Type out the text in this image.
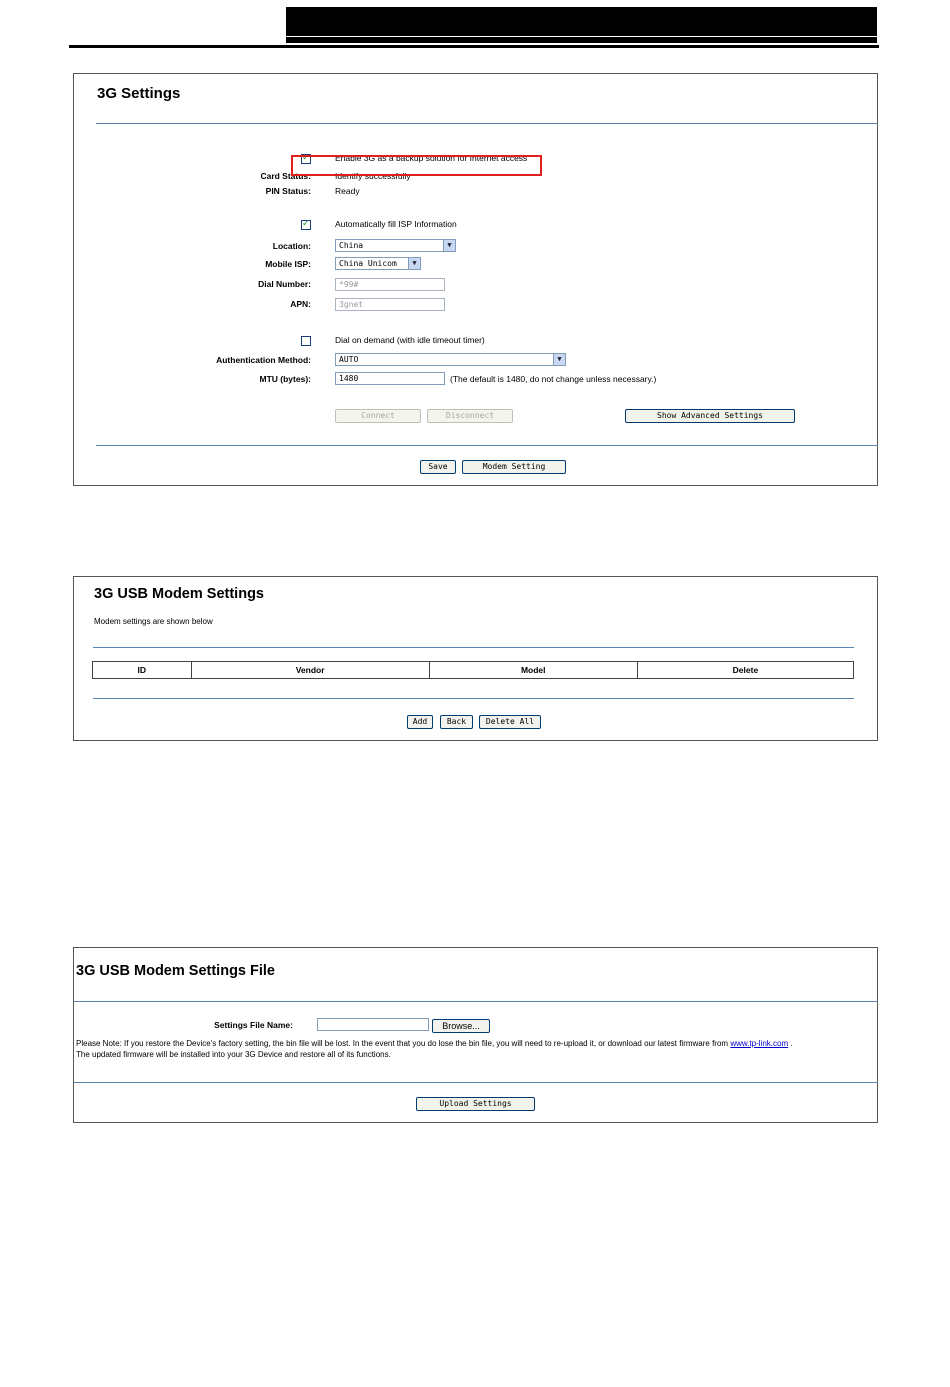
3G Settings
✓
Enable 3G as a backup solution for Internet access
Card Status:	Identify successfully
PIN Status:	Ready
✓
Automatically fill ISP Information
Location:	China	▼
Mobile ISP:	China Unicom	▼
Dial Number:	*99#
APN:	3gnet
Dial on demand (with idle timeout timer)
Authentication Method:	AUTO	▼
MTU (bytes):	1480	(The default is 1480, do not change unless necessary.)
Connect	Disconnect	Show Advanced Settings
Save	Modem Setting
3G USB Modem Settings
Modem settings are shown below
ID	Vendor	Model	Delete
Add	Back	Delete All
3G USB Modem Settings File
Settings File Name:	Browse...
Please Note: If you restore the Device's factory setting, the bin file will be lost. In the event that you do lose the bin file, you will need to re-upload it, or download our latest firmware from www.tp-link.com .
The updated firmware will be installed into your 3G Device and restore all of its functions.
Upload Settings
